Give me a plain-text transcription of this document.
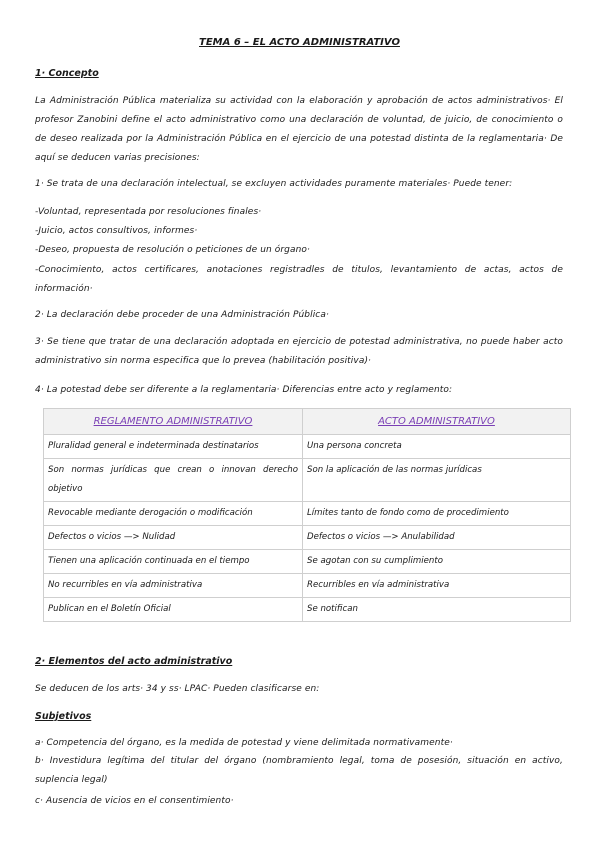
TEMA 6 – EL ACTO ADMINISTRATIVO
1· Concepto
La Administración Pública materializa su actividad con la elaboración y aprobación de actos administrativos· El profesor Zanobini define el acto administrativo como una declaración de voluntad, de juicio, de conocimiento o de deseo realizada por la Administración Pública en el ejercicio de una potestad distinta de la reglamentaria· De aquí se deducen varias precisiones:
1· Se trata de una declaración intelectual, se excluyen actividades puramente materiales· Puede tener:
-Voluntad, representada por resoluciones finales·
-Juicio, actos consultivos, informes·
-Deseo, propuesta de resolución o peticiones de un órgano·
-Conocimiento, actos certificares, anotaciones registradles de titulos, levantamiento de actas, actos de información·
2· La declaración debe proceder de una Administración Pública·
3· Se tiene que tratar de una declaración adoptada en ejercicio de potestad administrativa, no puede haber acto administrativo sin norma especifica que lo prevea (habilitación positiva)·
4· La potestad debe ser diferente a la reglamentaria· Diferencias entre acto y reglamento:
REGLAMENTO ADMINISTRATIVO	ACTO ADMINISTRATIVO
Pluralidad general e indeterminada destinatarios	Una persona concreta
Son normas jurídicas que crean o innovan derecho objetivo	Son la aplicación de las normas jurídicas
Revocable mediante derogación o modificación	Límites tanto de fondo como de procedimiento
Defectos o vicios —> Nulidad	Defectos o vicios —> Anulabilidad
Tienen una aplicación continuada en el tiempo	Se agotan con su cumplimiento
No recurribles en vía administrativa	Recurribles en vía administrativa
Publican en el Boletín Oficial	Se notifican
2· Elementos del acto administrativo
Se deducen de los arts· 34 y ss· LPAC· Pueden clasificarse en:
Subjetivos
a· Competencia del órgano, es la medida de potestad y viene delimitada normativamente·
b· Investidura legítima del titular del órgano (nombramiento legal, toma de posesión, situación en activo, suplencia legal)
c· Ausencia de vicios en el consentimiento·
